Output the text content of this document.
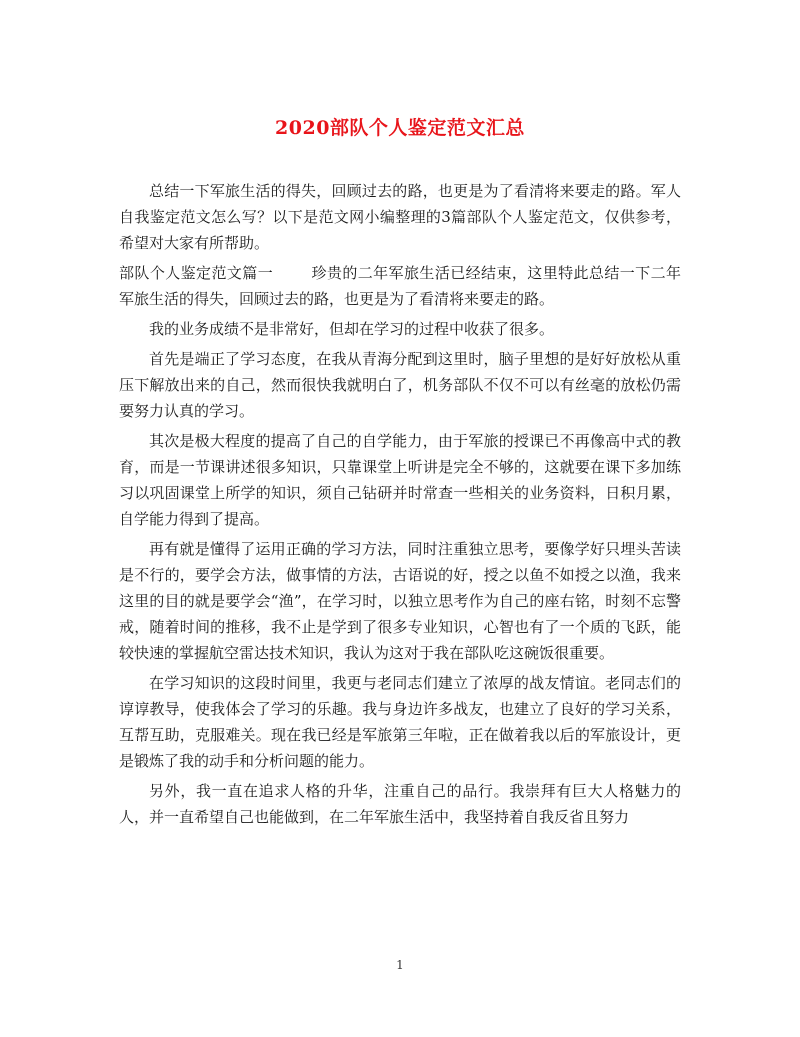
2020部队个人鉴定范文汇总

总结一下军旅生活的得失，回顾过去的路，也更是为了看清将来要走的路。军人自我鉴定范文怎么写？以下是范文网小编整理的3篇部队个人鉴定范文，仅供参考，希望对大家有所帮助。

部队个人鉴定范文篇一	珍贵的二年军旅生活已经结束，这里特此总结一下二年军旅生活的得失，回顾过去的路，也更是为了看清将来要走的路。

我的业务成绩不是非常好，但却在学习的过程中收获了很多。

首先是端正了学习态度，在我从青海分配到这里时，脑子里想的是好好放松从重压下解放出来的自己，然而很快我就明白了，机务部队不仅不可以有丝毫的放松仍需要努力认真的学习。

其次是极大程度的提高了自己的自学能力，由于军旅的授课已不再像高中式的教育，而是一节课讲述很多知识，只靠课堂上听讲是完全不够的，这就要在课下多加练习以巩固课堂上所学的知识，须自己钻研并时常查一些相关的业务资料，日积月累，自学能力得到了提高。

再有就是懂得了运用正确的学习方法，同时注重独立思考，要像学好只埋头苦读是不行的，要学会方法，做事情的方法，古语说的好，授之以鱼不如授之以渔，我来这里的目的就是要学会“渔”，在学习时，以独立思考作为自己的座右铭，时刻不忘警戒，随着时间的推移，我不止是学到了很多专业知识，心智也有了一个质的飞跃，能较快速的掌握航空雷达技术知识，我认为这对于我在部队吃这碗饭很重要。

在学习知识的这段时间里，我更与老同志们建立了浓厚的战友情谊。老同志们的谆谆教导，使我体会了学习的乐趣。我与身边许多战友，也建立了良好的学习关系，互帮互助，克服难关。现在我已经是军旅第三年啦，正在做着我以后的军旅设计，更是锻炼了我的动手和分析问题的能力。

另外，我一直在追求人格的升华，注重自己的品行。我崇拜有巨大人格魅力的人，并一直希望自己也能做到，在二年军旅生活中，我坚持着自我反省且努力

1
